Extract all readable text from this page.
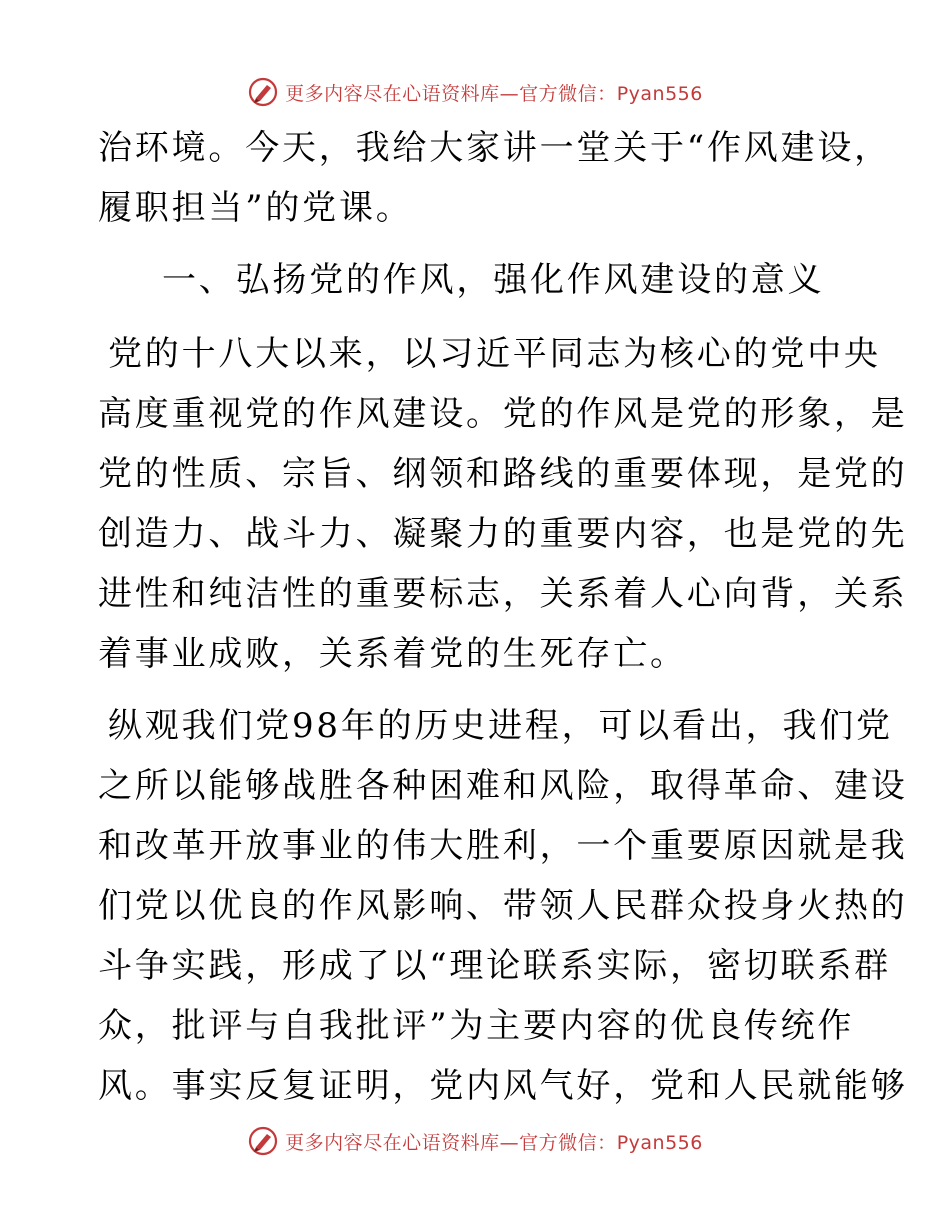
更多内容尽在心语资料库—官方微信：Pyan556
治环境。今天，我给大家讲一堂关于“作风建设，
履职担当”的党课。
一、弘扬党的作风，强化作风建设的意义
党的十八大以来，以习近平同志为核心的党中央
高度重视党的作风建设。党的作风是党的形象，是
党的性质、宗旨、纲领和路线的重要体现，是党的
创造力、战斗力、凝聚力的重要内容，也是党的先
进性和纯洁性的重要标志，关系着人心向背，关系
着事业成败，关系着党的生死存亡。
纵观我们党98年的历史进程，可以看出，我们党
之所以能够战胜各种困难和风险，取得革命、建设
和改革开放事业的伟大胜利，一个重要原因就是我
们党以优良的作风影响、带领人民群众投身火热的
斗争实践，形成了以“理论联系实际，密切联系群
众，批评与自我批评”为主要内容的优良传统作
风。事实反复证明，党内风气好，党和人民就能够
更多内容尽在心语资料库—官方微信：Pyan556
